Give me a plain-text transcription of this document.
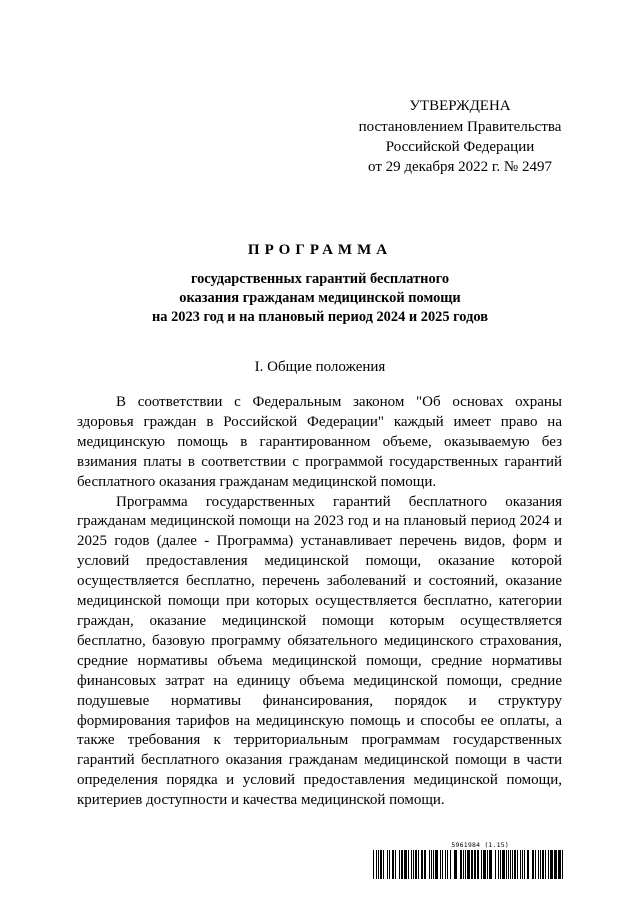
УТВЕРЖДЕНА
постановлением Правительства
Российской Федерации
от 29 декабря 2022 г. № 2497
ПРОГРАММА
государственных гарантий бесплатного
оказания гражданам медицинской помощи
на 2023 год и на плановый период 2024 и 2025 годов
I. Общие положения

В соответствии с Федеральным законом "Об основах охраны здоровья граждан в Российской Федерации" каждый имеет право на медицинскую помощь в гарантированном объеме, оказываемую без взимания платы в соответствии с программой государственных гарантий бесплатного оказания гражданам медицинской помощи.

Программа государственных гарантий бесплатного оказания гражданам медицинской помощи на 2023 год и на плановый период 2024 и 2025 годов (далее - Программа) устанавливает перечень видов, форм и условий предоставления медицинской помощи, оказание которой осуществляется бесплатно, перечень заболеваний и состояний, оказание медицинской помощи при которых осуществляется бесплатно, категории граждан, оказание медицинской помощи которым осуществляется бесплатно, базовую программу обязательного медицинского страхования, средние нормативы объема медицинской помощи, средние нормативы финансовых затрат на единицу объема медицинской помощи, средние подушевые нормативы финансирования, порядок и структуру формирования тарифов на медицинскую помощь и способы ее оплаты, а также требования к территориальным программам государственных гарантий бесплатного оказания гражданам медицинской помощи в части определения порядка и условий предоставления медицинской помощи, критериев доступности и качества медицинской помощи.

5961984 (1.15)
